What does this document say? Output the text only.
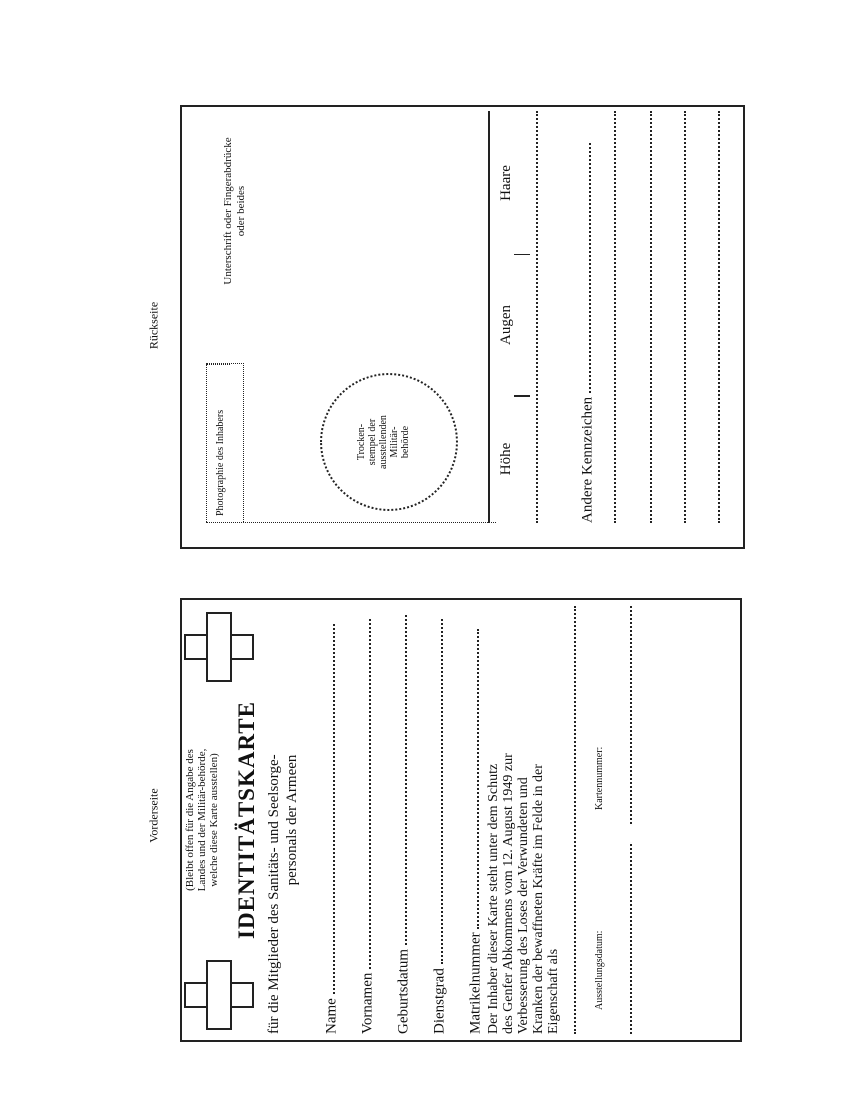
Vorderseite
Rückseite
(Bleibt offen für die Angabe des Landes und der Militär-behörde, welche diese Karte ausstellen) IDENTITÄTSKARTE für die Mitglieder des Sanitäts- und Seelsorge- personals der Armeen
Name Vornamen Geburtsdatum Dienstgrad Matrikelnummer Der Inhaber dieser Karte steht unter dem Schutz des Genfer Abkommens vom 12. August 1949 zur Verbesserung des Loses der Verwundeten und Kranken der bewaffneten Kräfte im Felde in der Eigenschaft als	Ausstellungsdatum:
Kartennummer:
Photographie des Inhabers	Trocken- stempel der ausstellenden Militär- behörde
Unterschrift oder Fingerabdrücke oder beides
Höhe
Augen
Haare
Andere Kennzeichen
